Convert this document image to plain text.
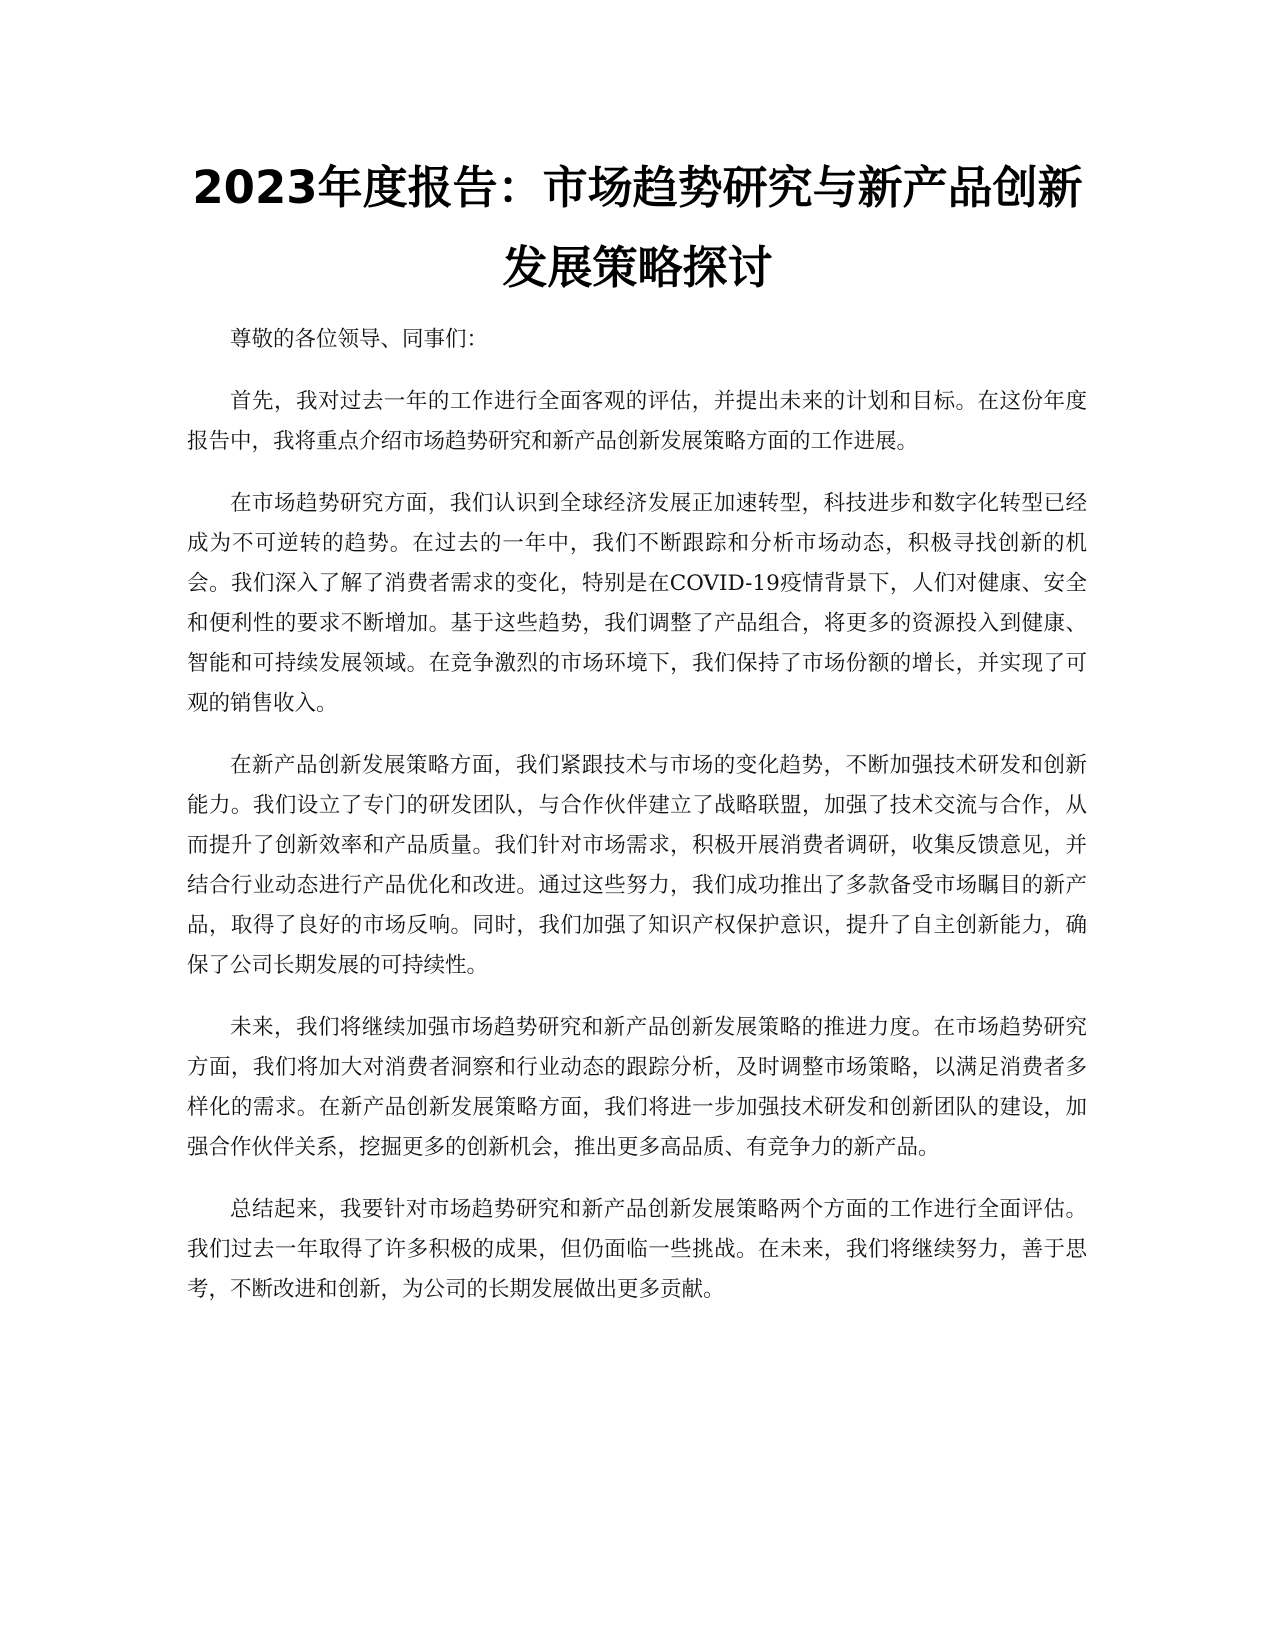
2023年度报告：市场趋势研究与新产品创新发展策略探讨

尊敬的各位领导、同事们：

首先，我对过去一年的工作进行全面客观的评估，并提出未来的计划和目标。在这份年度报告中，我将重点介绍市场趋势研究和新产品创新发展策略方面的工作进展。

在市场趋势研究方面，我们认识到全球经济发展正加速转型，科技进步和数字化转型已经成为不可逆转的趋势。在过去的一年中，我们不断跟踪和分析市场动态，积极寻找创新的机会。我们深入了解了消费者需求的变化，特别是在COVID-19疫情背景下，人们对健康、安全和便利性的要求不断增加。基于这些趋势，我们调整了产品组合，将更多的资源投入到健康、智能和可持续发展领域。在竞争激烈的市场环境下，我们保持了市场份额的增长，并实现了可观的销售收入。

在新产品创新发展策略方面，我们紧跟技术与市场的变化趋势，不断加强技术研发和创新能力。我们设立了专门的研发团队，与合作伙伴建立了战略联盟，加强了技术交流与合作，从而提升了创新效率和产品质量。我们针对市场需求，积极开展消费者调研，收集反馈意见，并结合行业动态进行产品优化和改进。通过这些努力，我们成功推出了多款备受市场瞩目的新产品，取得了良好的市场反响。同时，我们加强了知识产权保护意识，提升了自主创新能力，确保了公司长期发展的可持续性。

未来，我们将继续加强市场趋势研究和新产品创新发展策略的推进力度。在市场趋势研究方面，我们将加大对消费者洞察和行业动态的跟踪分析，及时调整市场策略，以满足消费者多样化的需求。在新产品创新发展策略方面，我们将进一步加强技术研发和创新团队的建设，加强合作伙伴关系，挖掘更多的创新机会，推出更多高品质、有竞争力的新产品。

总结起来，我要针对市场趋势研究和新产品创新发展策略两个方面的工作进行全面评估。我们过去一年取得了许多积极的成果，但仍面临一些挑战。在未来，我们将继续努力，善于思考，不断改进和创新，为公司的长期发展做出更多贡献。
